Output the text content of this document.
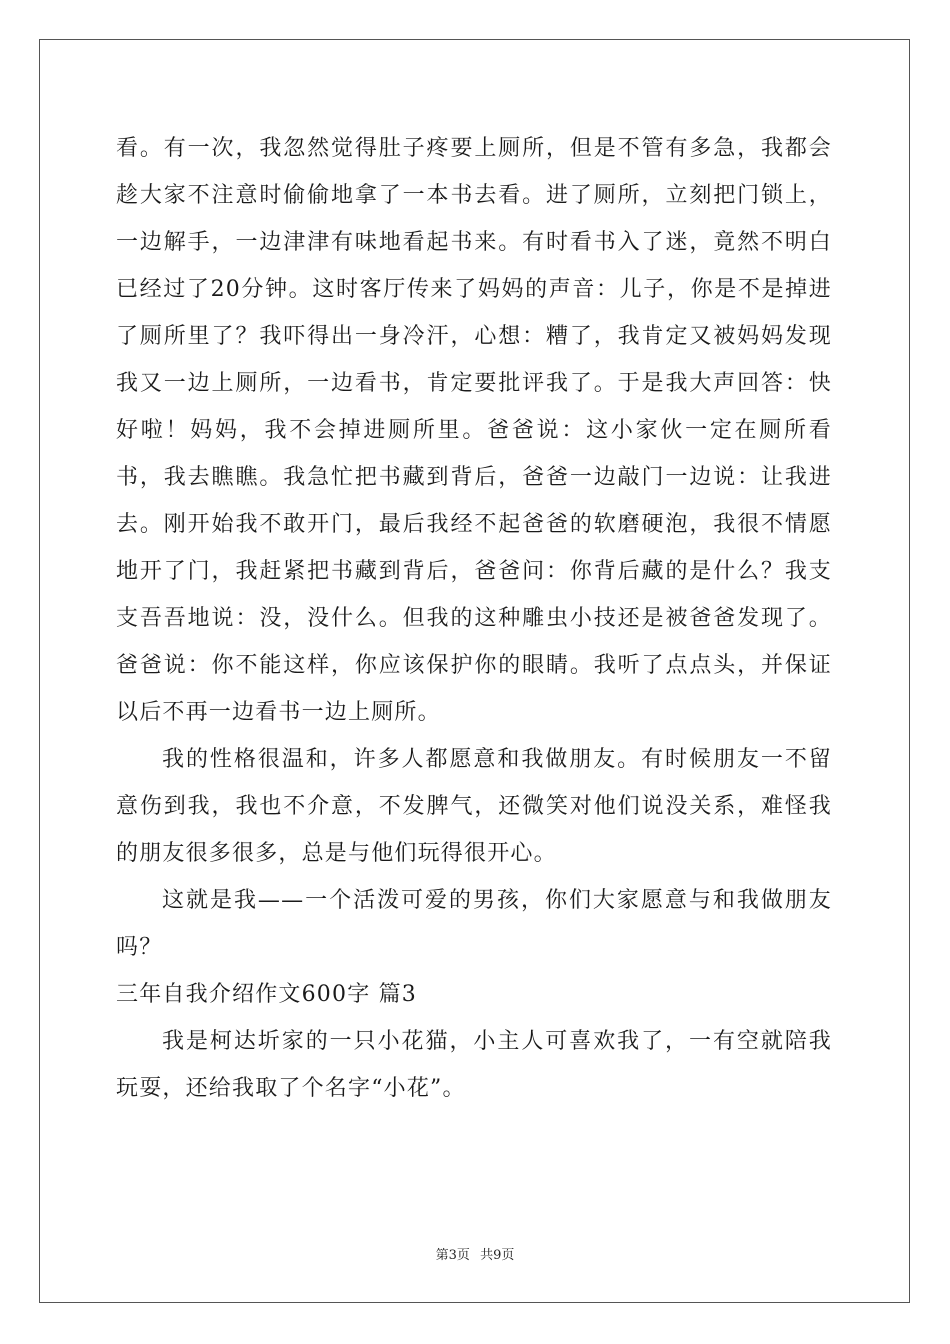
看。有一次，我忽然觉得肚子疼要上厕所，但是不管有多急，我都会趁大家不注意时偷偷地拿了一本书去看。进了厕所，立刻把门锁上，一边解手，一边津津有味地看起书来。有时看书入了迷，竟然不明白已经过了20分钟。这时客厅传来了妈妈的声音：儿子，你是不是掉进了厕所里了？我吓得出一身冷汗，心想：糟了，我肯定又被妈妈发现我又一边上厕所，一边看书，肯定要批评我了。于是我大声回答：快好啦！妈妈，我不会掉进厕所里。爸爸说：这小家伙一定在厕所看书，我去瞧瞧。我急忙把书藏到背后，爸爸一边敲门一边说：让我进去。刚开始我不敢开门，最后我经不起爸爸的软磨硬泡，我很不情愿地开了门，我赶紧把书藏到背后，爸爸问：你背后藏的是什么？我支支吾吾地说：没，没什么。但我的这种雕虫小技还是被爸爸发现了。爸爸说：你不能这样，你应该保护你的眼睛。我听了点点头，并保证以后不再一边看书一边上厕所。

我的性格很温和，许多人都愿意和我做朋友。有时候朋友一不留意伤到我，我也不介意，不发脾气，还微笑对他们说没关系，难怪我的朋友很多很多，总是与他们玩得很开心。

这就是我——一个活泼可爱的男孩，你们大家愿意与和我做朋友吗？

三年自我介绍作文600字 篇3

我是柯达圻家的一只小花猫，小主人可喜欢我了，一有空就陪我玩耍，还给我取了个名字“小花”。

第3页 共9页
